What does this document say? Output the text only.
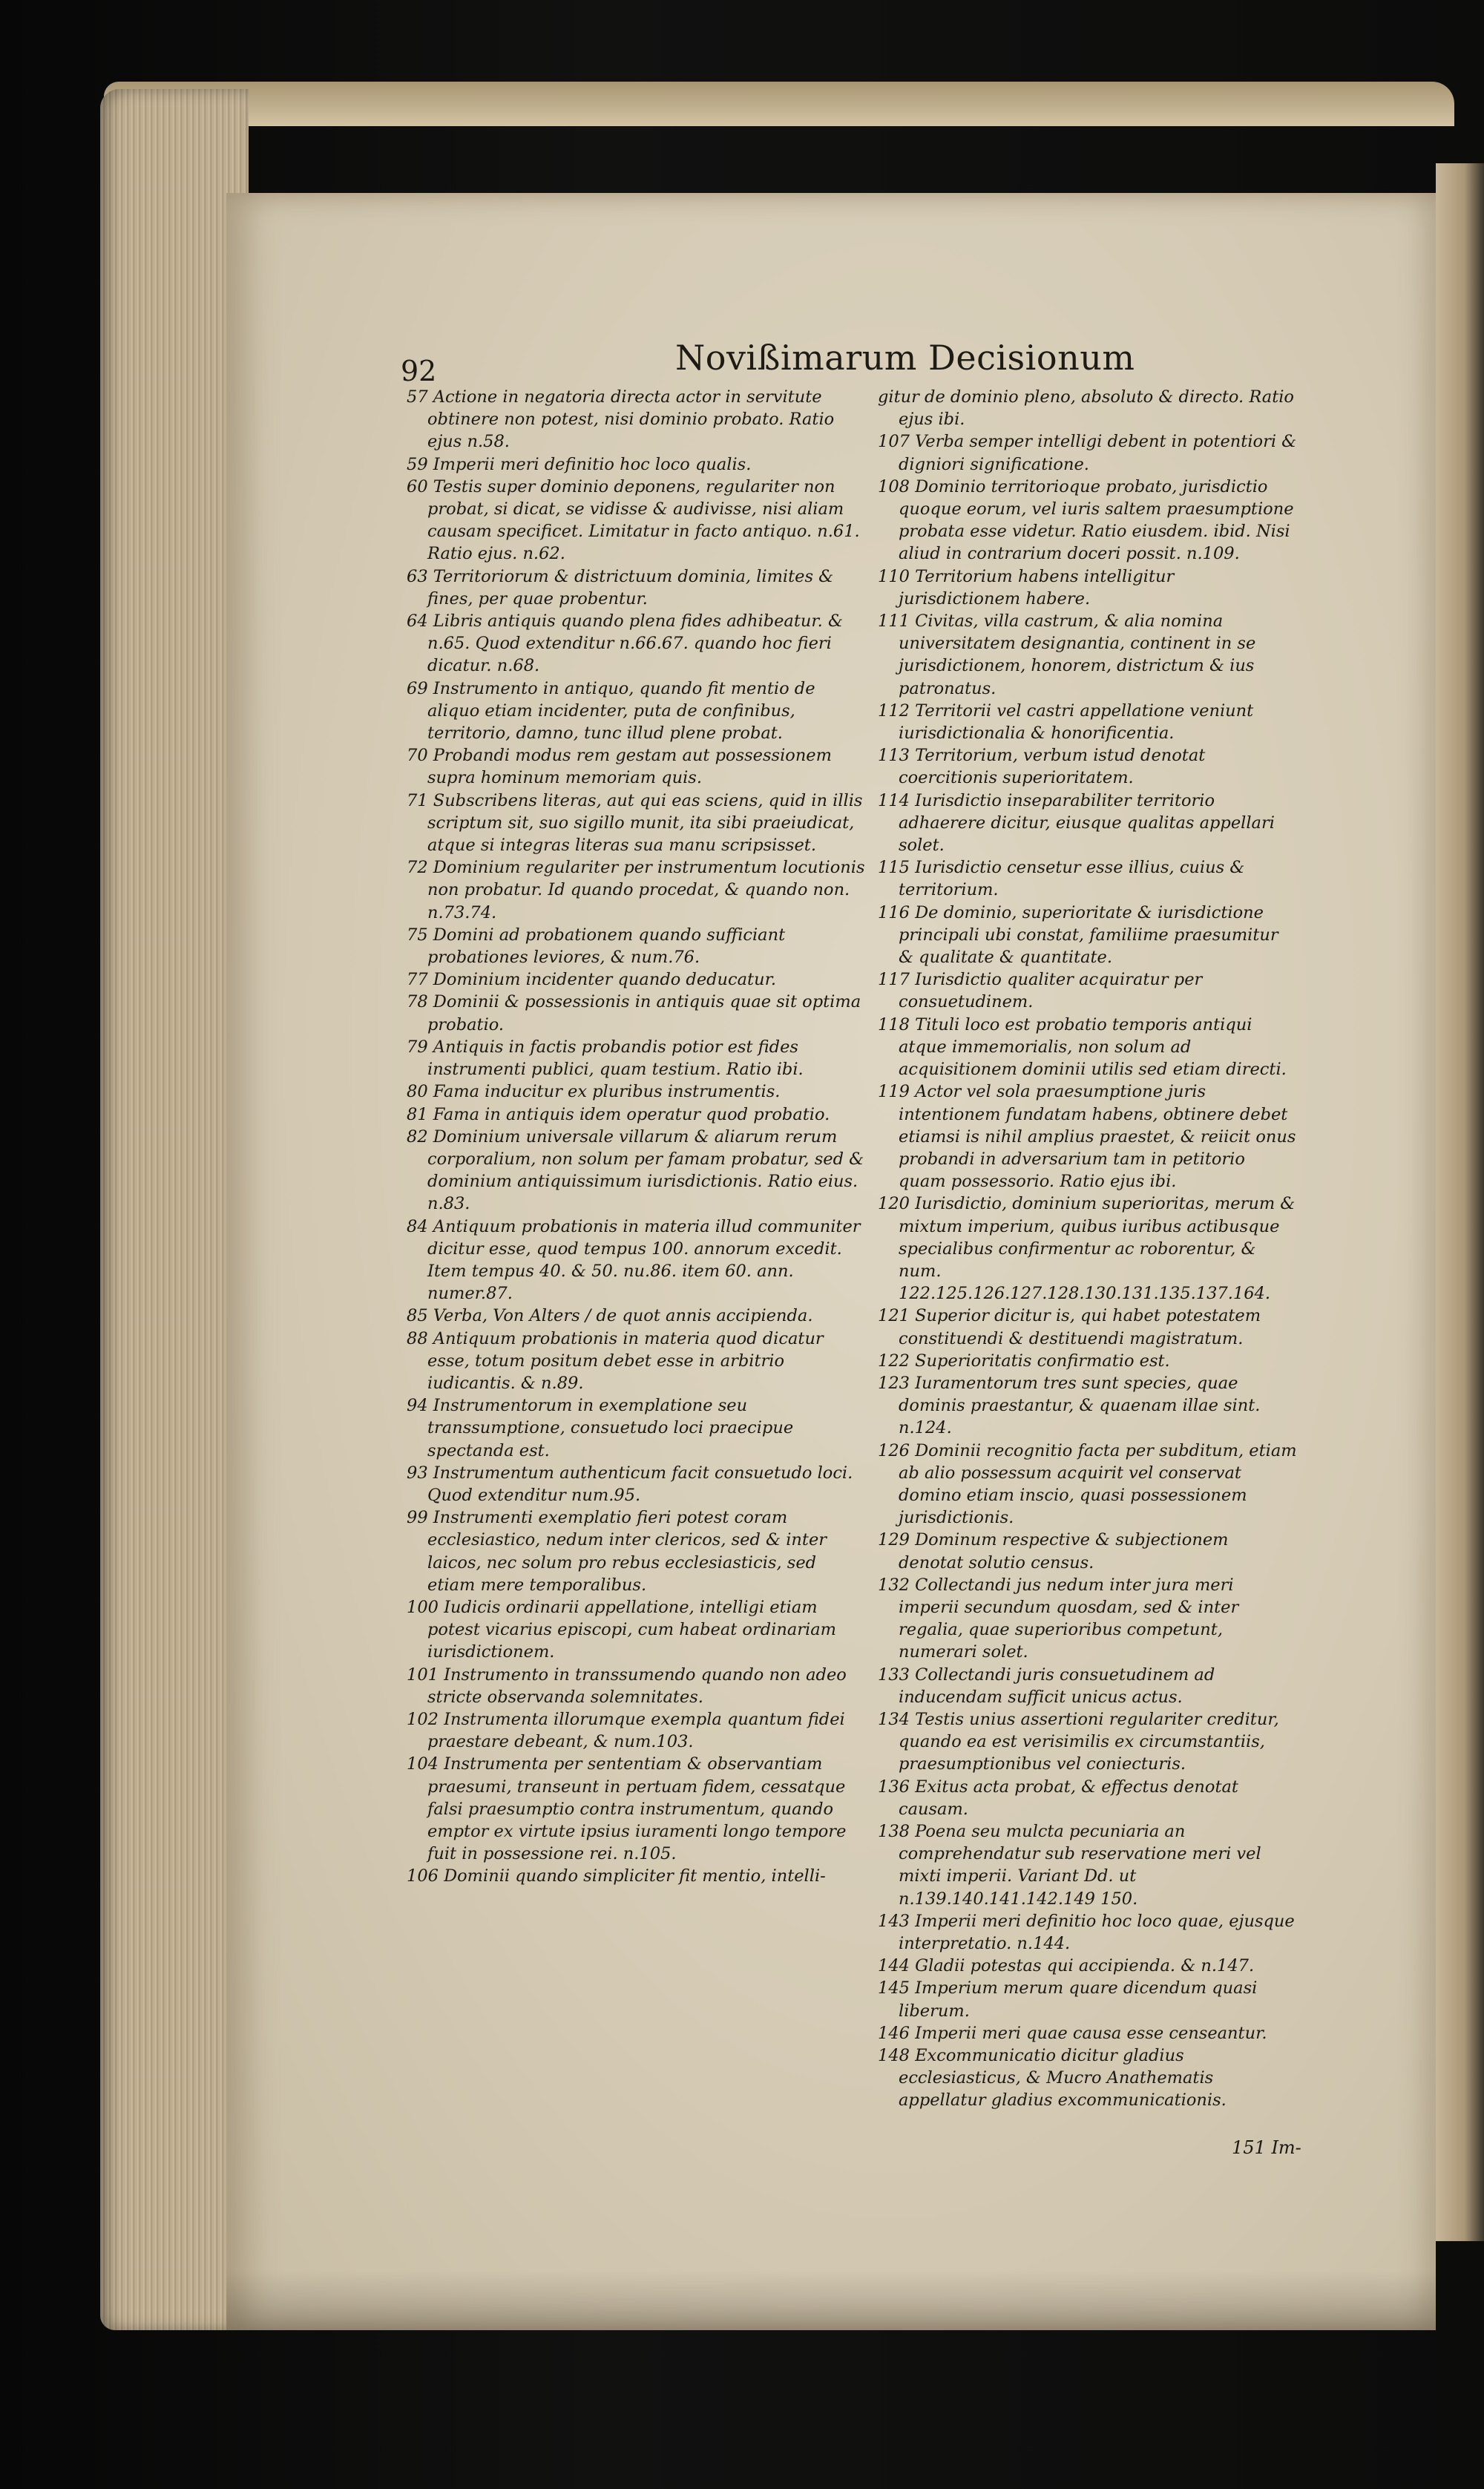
92	Novißimarum Decisionum

57 Actione in negatoria directa actor in servitute obtinere non potest, nisi dominio probato. Ratio ejus n.58.

59 Imperii meri definitio hoc loco qualis.

60 Testis super dominio deponens, regulariter non probat, si dicat, se vidisse & audivisse, nisi aliam causam specificet. Limitatur in facto antiquo. n.61. Ratio ejus. n.62.

63 Territoriorum & districtuum dominia, limites & fines, per quae probentur.

64 Libris antiquis quando plena fides adhibeatur. & n.65. Quod extenditur n.66.67. quando hoc fieri dicatur. n.68.

69 Instrumento in antiquo, quando fit mentio de aliquo etiam incidenter, puta de confinibus, territorio, damno, tunc illud plene probat.

70 Probandi modus rem gestam aut possessionem supra hominum memoriam quis.

71 Subscribens literas, aut qui eas sciens, quid in illis scriptum sit, suo sigillo munit, ita sibi praeiudicat, atque si integras literas sua manu scripsisset.

72 Dominium regulariter per instrumentum locutionis non probatur. Id quando procedat, & quando non. n.73.74.

75 Domini ad probationem quando sufficiant probationes leviores, & num.76.

77 Dominium incidenter quando deducatur.

78 Dominii & possessionis in antiquis quae sit optima probatio.

79 Antiquis in factis probandis potior est fides instrumenti publici, quam testium. Ratio ibi.

80 Fama inducitur ex pluribus instrumentis.

81 Fama in antiquis idem operatur quod probatio.

82 Dominium universale villarum & aliarum rerum corporalium, non solum per famam probatur, sed & dominium antiquissimum iurisdictionis. Ratio eius. n.83.

84 Antiquum probationis in materia illud communiter dicitur esse, quod tempus 100. annorum excedit. Item tempus 40. & 50. nu.86. item 60. ann. numer.87.

85 Verba, Von Alters / de quot annis accipienda.

88 Antiquum probationis in materia quod dicatur esse, totum positum debet esse in arbitrio iudicantis. & n.89.

94 Instrumentorum in exemplatione seu transsumptione, consuetudo loci praecipue spectanda est.

93 Instrumentum authenticum facit consuetudo loci. Quod extenditur num.95.

99 Instrumenti exemplatio fieri potest coram ecclesiastico, nedum inter clericos, sed & inter laicos, nec solum pro rebus ecclesiasticis, sed etiam mere temporalibus.

100 Iudicis ordinarii appellatione, intelligi etiam potest vicarius episcopi, cum habeat ordinariam iurisdictionem.

101 Instrumento in transsumendo quando non adeo stricte observanda solemnitates.

102 Instrumenta illorumque exempla quantum fidei praestare debeant, & num.103.

104 Instrumenta per sententiam & observantiam praesumi, transeunt in pertuam fidem, cessatque falsi praesumptio contra instrumentum, quando emptor ex virtute ipsius iuramenti longo tempore fuit in possessione rei. n.105.

106 Dominii quando simpliciter fit mentio, intelli-

gitur de dominio pleno, absoluto & directo. Ratio ejus ibi.

107 Verba semper intelligi debent in potentiori & digniori significatione.

108 Dominio territorioque probato, jurisdictio quoque eorum, vel iuris saltem praesumptione probata esse videtur. Ratio eiusdem. ibid. Nisi aliud in contrarium doceri possit. n.109.

110 Territorium habens intelligitur jurisdictionem habere.

111 Civitas, villa castrum, & alia nomina universitatem designantia, continent in se jurisdictionem, honorem, districtum & ius patronatus.

112 Territorii vel castri appellatione veniunt iurisdictionalia & honorificentia.

113 Territorium, verbum istud denotat coercitionis superioritatem.

114 Iurisdictio inseparabiliter territorio adhaerere dicitur, eiusque qualitas appellari solet.

115 Iurisdictio censetur esse illius, cuius & territorium.

116 De dominio, superioritate & iurisdictione principali ubi constat, familiime praesumitur & qualitate & quantitate.

117 Iurisdictio qualiter acquiratur per consuetudinem.

118 Tituli loco est probatio temporis antiqui atque immemorialis, non solum ad acquisitionem dominii utilis sed etiam directi.

119 Actor vel sola praesumptione juris intentionem fundatam habens, obtinere debet etiamsi is nihil amplius praestet, & reiicit onus probandi in adversarium tam in petitorio quam possessorio. Ratio ejus ibi.

120 Iurisdictio, dominium superioritas, merum & mixtum imperium, quibus iuribus actibusque specialibus confirmentur ac roborentur, & num. 122.125.126.127.128.130.131.135.137.164.

121 Superior dicitur is, qui habet potestatem constituendi & destituendi magistratum.

122 Superioritatis confirmatio est.

123 Iuramentorum tres sunt species, quae dominis praestantur, & quaenam illae sint. n.124.

126 Dominii recognitio facta per subditum, etiam ab alio possessum acquirit vel conservat domino etiam inscio, quasi possessionem jurisdictionis.

129 Dominum respective & subjectionem denotat solutio census.

132 Collectandi jus nedum inter jura meri imperii secundum quosdam, sed & inter regalia, quae superioribus competunt, numerari solet.

133 Collectandi juris consuetudinem ad inducendam sufficit unicus actus.

134 Testis unius assertioni regulariter creditur, quando ea est verisimilis ex circumstantiis, praesumptionibus vel coniecturis.

136 Exitus acta probat, & effectus denotat causam.

138 Poena seu mulcta pecuniaria an comprehendatur sub reservatione meri vel mixti imperii. Variant Dd. ut n.139.140.141.142.149 150.

143 Imperii meri definitio hoc loco quae, ejusque interpretatio. n.144.

144 Gladii potestas qui accipienda. & n.147.

145 Imperium merum quare dicendum quasi liberum.

146 Imperii meri quae causa esse censeantur.

148 Excommunicatio dicitur gladius ecclesiasticus, & Mucro Anathematis appellatur gladius excommunicationis.

151 Im-
